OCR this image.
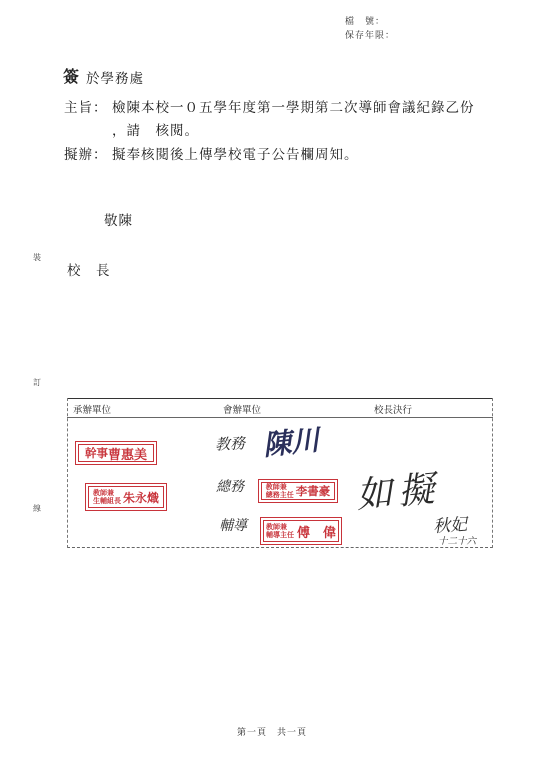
檔　號：
保存年限：
簽 於學務處
主旨： 檢陳本校一０五學年度第一學期第二次導師會議紀錄乙份
，請　核閱。
擬辦： 擬奉核閱後上傳學校電子公告欄周知。
敬陳
校　長
裝
訂
線
承辦單位	會辦單位	校長決行
幹事 曹惠美
教師兼
生輔組長 朱永熾
教務 陳川
總務	教師兼
總務主任 李書豪
輔導	教師兼
輔導主任 傅　偉
如擬
秋妃
十二十六
第一頁　共一頁
